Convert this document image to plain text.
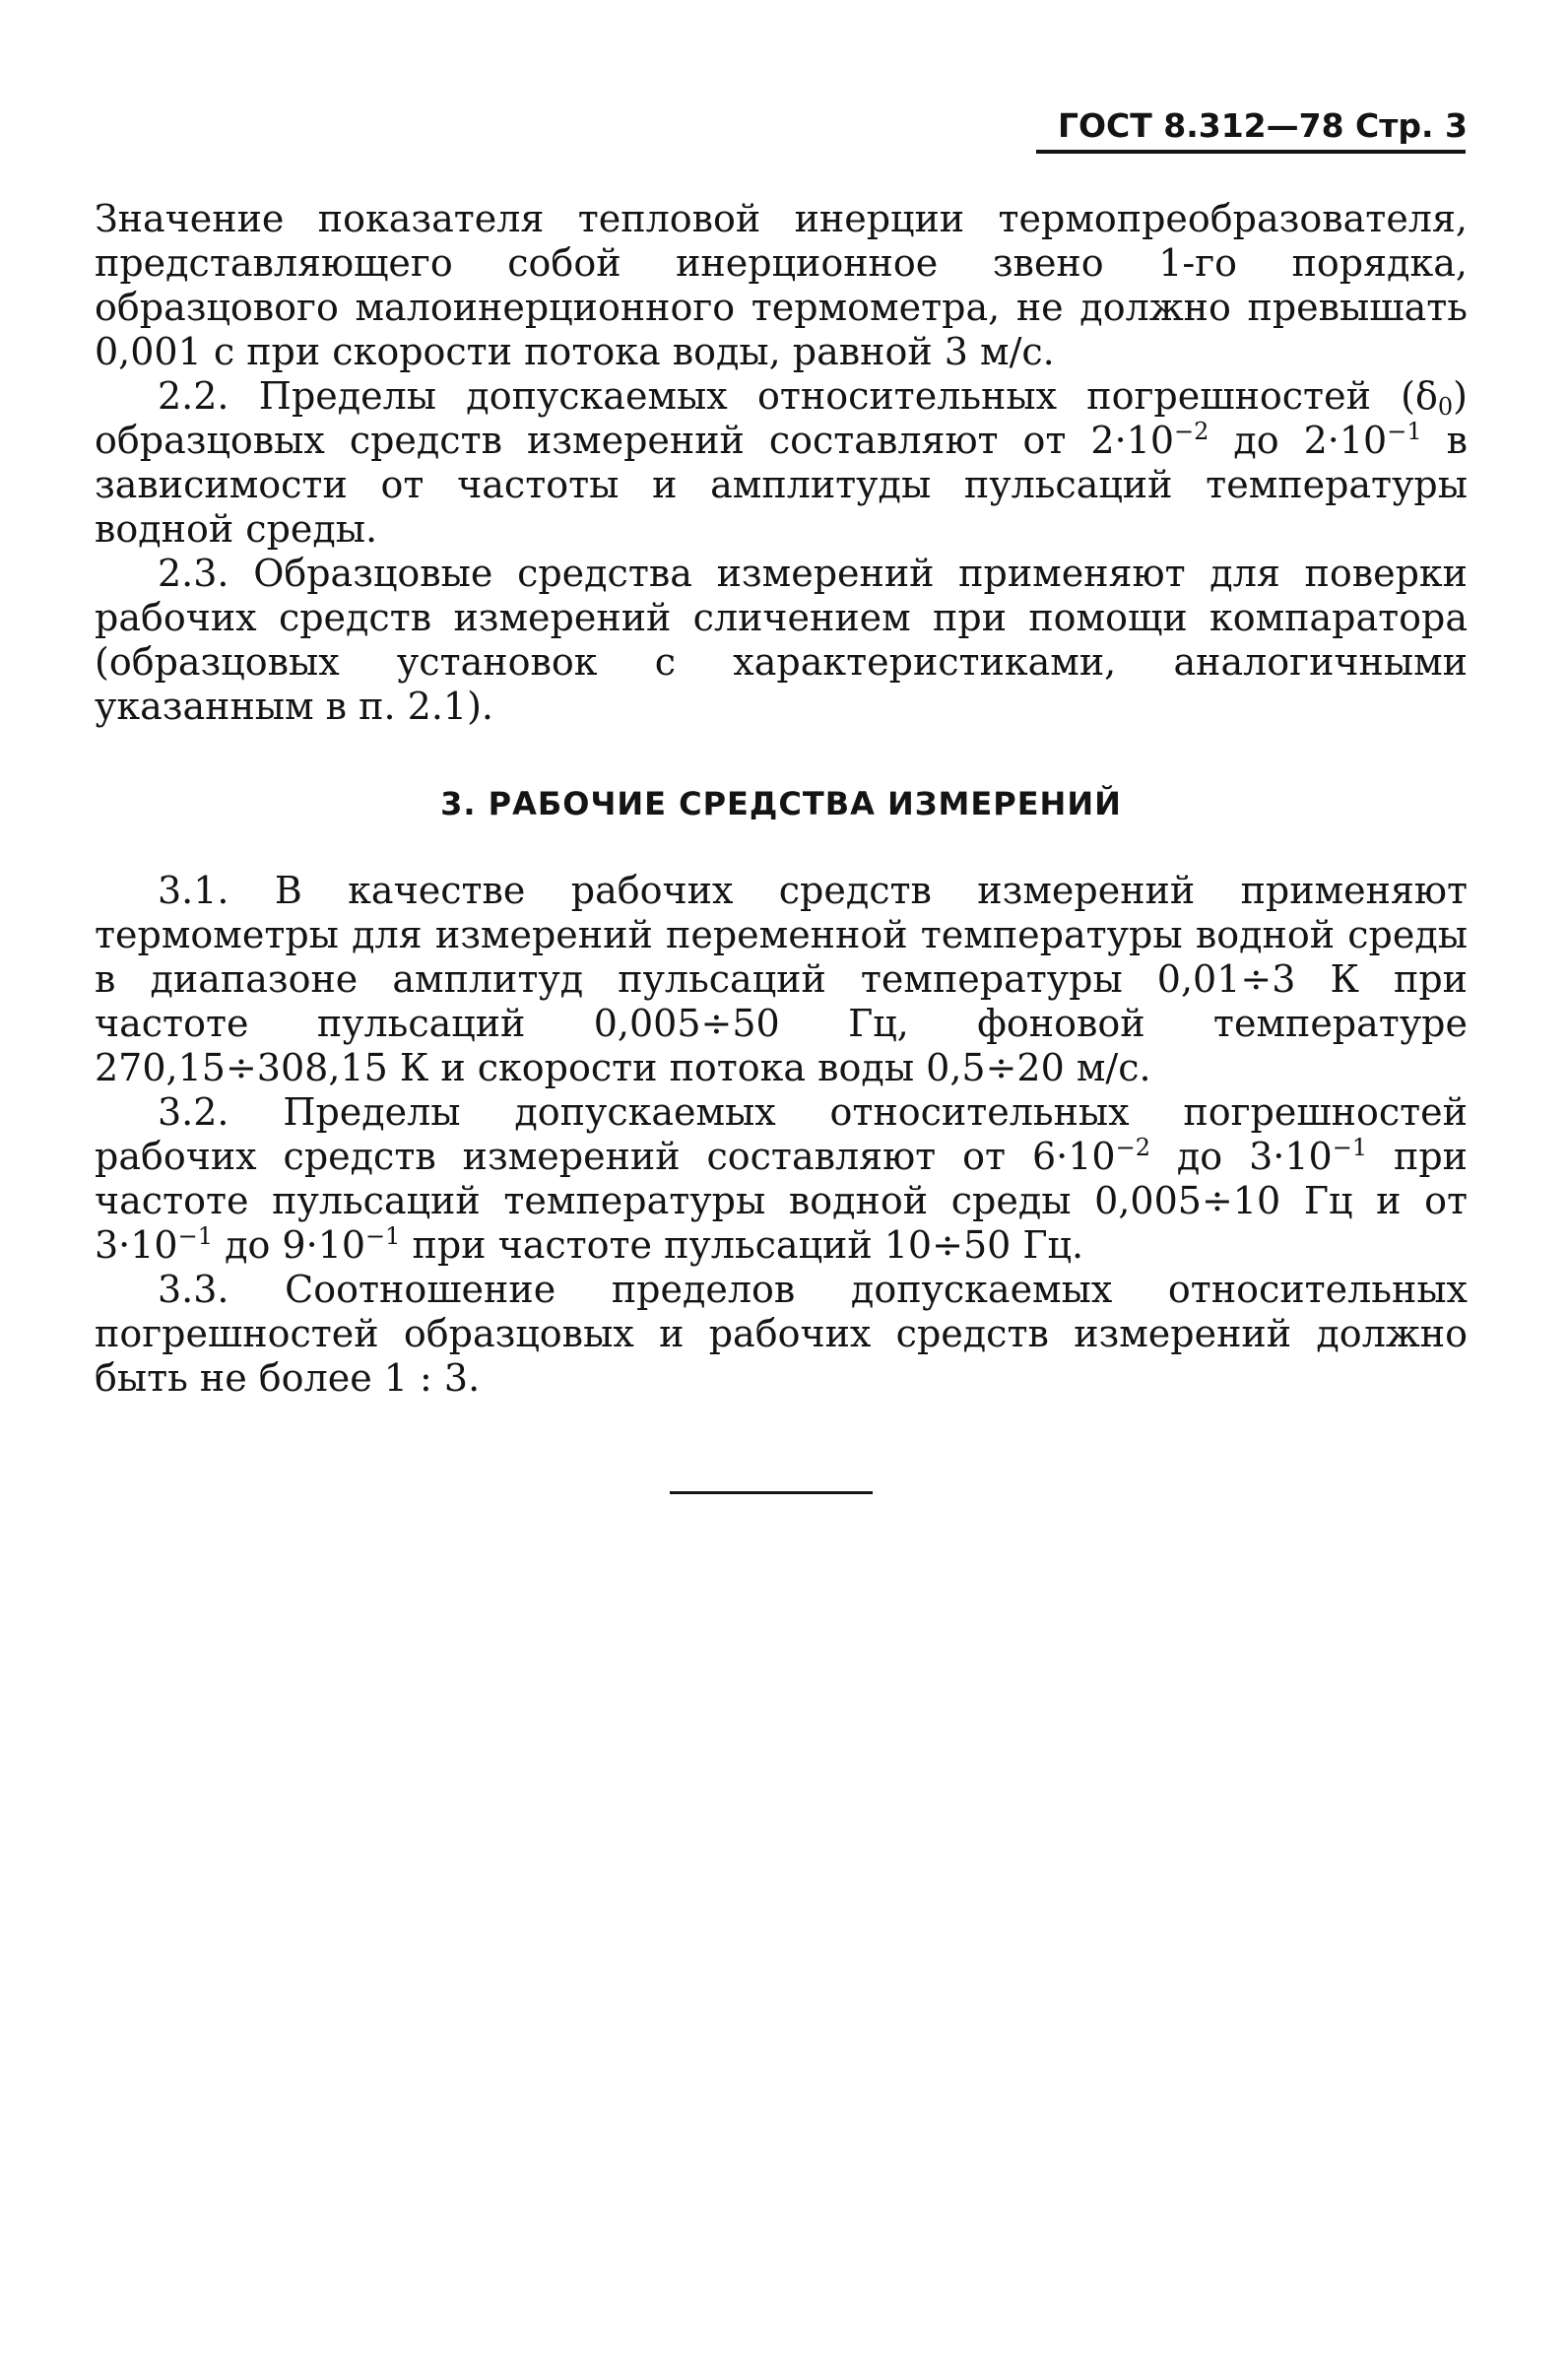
ГОСТ 8.312—78 Стр. 3

Значение показателя тепловой инерции термопреобразователя, представляющего собой инерционное звено 1-го порядка, образцового малоинерционного термометра, не должно превышать 0,001 с при скорости потока воды, равной 3 м/с.

2.2. Пределы допускаемых относительных погрешностей $(\delta_0)$ образцовых средств измерений составляют от $2\cdot 10^{-2}$ до $2\cdot 10^{-1}$ в зависимости от частоты и амплитуды пульсаций температуры водной среды.

2.3. Образцовые средства измерений применяют для поверки рабочих средств измерений сличением при помощи компаратора (образцовых установок с характеристиками, аналогичными указанным в п. 2.1).

3. РАБОЧИЕ СРЕДСТВА ИЗМЕРЕНИЙ

3.1. В качестве рабочих средств измерений применяют термометры для измерений переменной температуры водной среды в диапазоне амплитуд пульсаций температуры 0,01÷3 К при частоте пульсаций 0,005÷50 Гц, фоновой температуре 270,15÷308,15 К и скорости потока воды 0,5÷20 м/с.

3.2. Пределы допускаемых относительных погрешностей рабочих средств измерений составляют от $6\cdot 10^{-2}$ до $3\cdot 10^{-1}$ при частоте пульсаций температуры водной среды 0,005÷10 Гц и от $3\cdot 10^{-1}$ до $9\cdot 10^{-1}$ при частоте пульсаций 10÷50 Гц.

3.3. Соотношение пределов допускаемых относительных погрешностей образцовых и рабочих средств измерений должно быть не более 1 : 3.
